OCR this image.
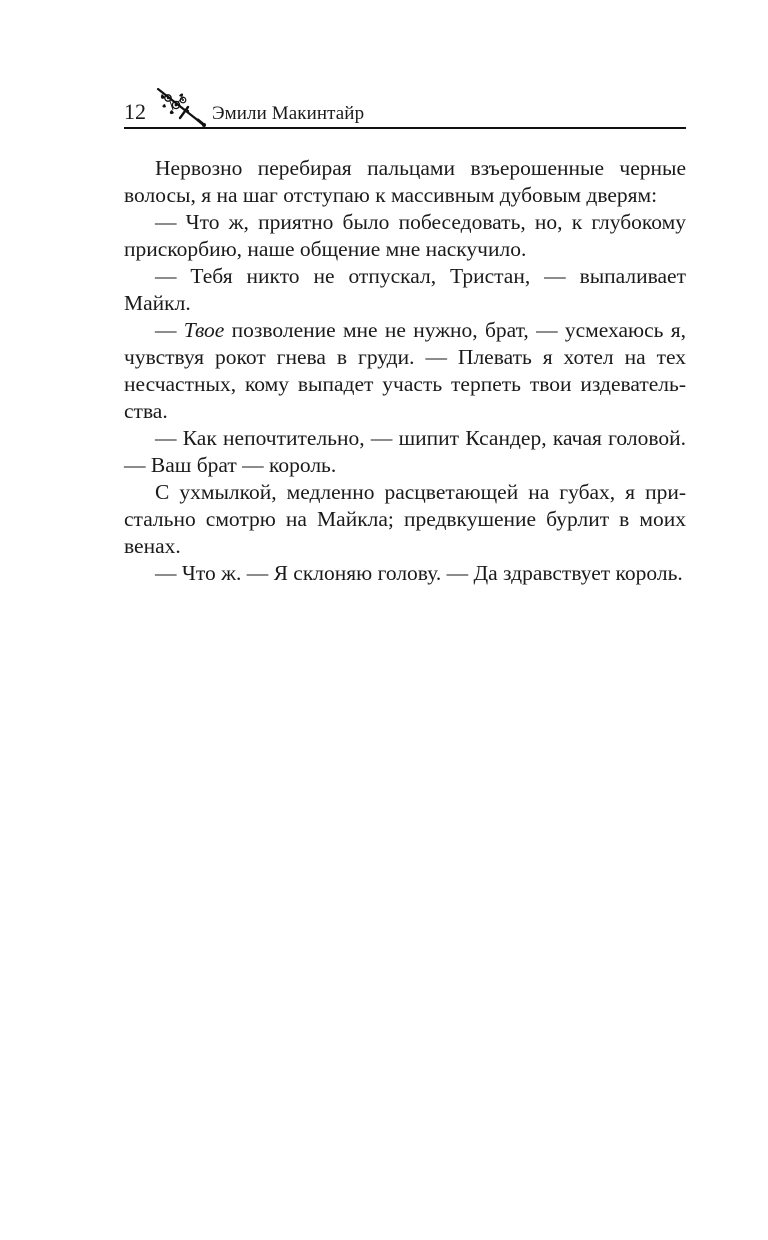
12	Эмили Макинтайр

Нервозно перебирая пальцами взъерошенные черные волосы, я на шаг отступаю к массивным дубовым дверям:

— Что ж, приятно было побеседовать, но, к глубокому прискорбию, наше общение мне наскучило.

— Тебя никто не отпускал, Тристан, — выпаливает Майкл.

— Твое позволение мне не нужно, брат, — усмехаюсь я, чувствуя рокот гнева в груди. — Плевать я хотел на тех несчастных, кому выпадет участь терпеть твои издевательства.

— Как непочтительно, — шипит Ксандер, качая головой. — Ваш брат — король.

С ухмылкой, медленно расцветающей на губах, я пристально смотрю на Майкла; предвкушение бурлит в моих венах.

— Что ж. — Я склоняю голову. — Да здравствует король.
